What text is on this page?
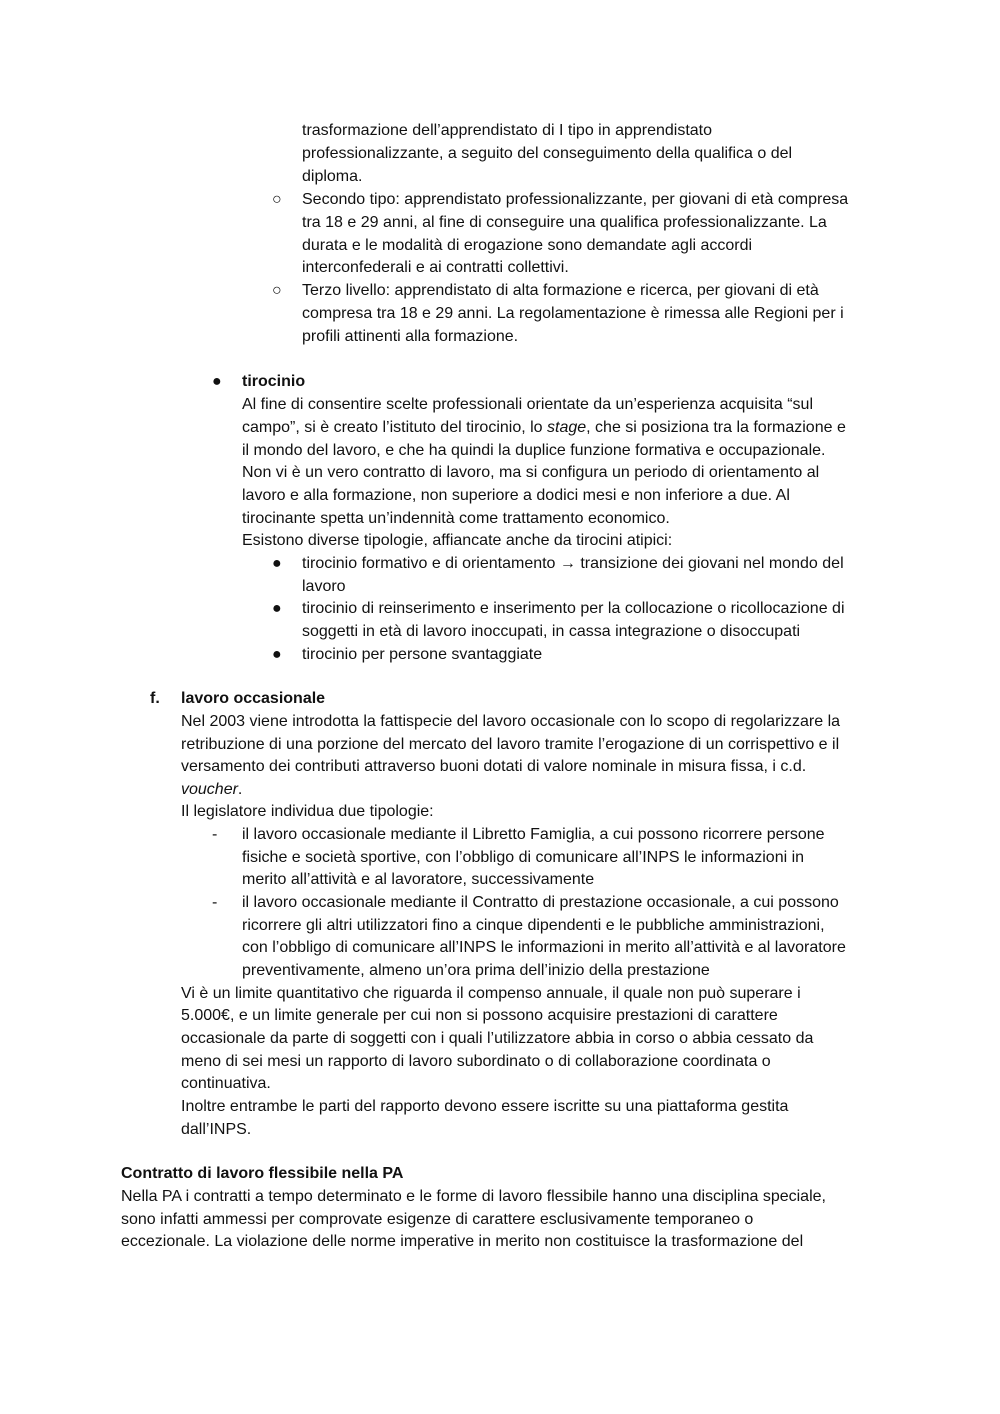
trasformazione dell’apprendistato di I tipo in apprendistato
professionalizzante, a seguito del conseguimento della qualifica o del
diploma.
○ Secondo tipo: apprendistato professionalizzante, per giovani di età compresa
tra 18 e 29 anni, al fine di conseguire una qualifica professionalizzante. La
durata e le modalità di erogazione sono demandate agli accordi
interconfederali e ai contratti collettivi.
○ Terzo livello: apprendistato di alta formazione e ricerca, per giovani di età
compresa tra 18 e 29 anni. La regolamentazione è rimessa alle Regioni per i
profili attinenti alla formazione.
● tirocinio
Al fine di consentire scelte professionali orientate da un’esperienza acquisita “sul
campo”, si è creato l’istituto del tirocinio, lo stage, che si posiziona tra la formazione e
il mondo del lavoro, e che ha quindi la duplice funzione formativa e occupazionale.
Non vi è un vero contratto di lavoro, ma si configura un periodo di orientamento al
lavoro e alla formazione, non superiore a dodici mesi e non inferiore a due. Al
tirocinante spetta un’indennità come trattamento economico.
Esistono diverse tipologie, affiancate anche da tirocini atipici:
● tirocinio formativo e di orientamento → transizione dei giovani nel mondo del
lavoro
● tirocinio di reinserimento e inserimento per la collocazione o ricollocazione di
soggetti in età di lavoro inoccupati, in cassa integrazione o disoccupati
● tirocinio per persone svantaggiate
f. lavoro occasionale
Nel 2003 viene introdotta la fattispecie del lavoro occasionale con lo scopo di regolarizzare la
retribuzione di una porzione del mercato del lavoro tramite l’erogazione di un corrispettivo e il
versamento dei contributi attraverso buoni dotati di valore nominale in misura fissa, i c.d.
voucher.
Il legislatore individua due tipologie:
- il lavoro occasionale mediante il Libretto Famiglia, a cui possono ricorrere persone
fisiche e società sportive, con l’obbligo di comunicare all’INPS le informazioni in
merito all’attività e al lavoratore, successivamente
- il lavoro occasionale mediante il Contratto di prestazione occasionale, a cui possono
ricorrere gli altri utilizzatori fino a cinque dipendenti e le pubbliche amministrazioni,
con l’obbligo di comunicare all’INPS le informazioni in merito all’attività e al lavoratore
preventivamente, almeno un’ora prima dell’inizio della prestazione
Vi è un limite quantitativo che riguarda il compenso annuale, il quale non può superare i
5.000€, e un limite generale per cui non si possono acquisire prestazioni di carattere
occasionale da parte di soggetti con i quali l’utilizzatore abbia in corso o abbia cessato da
meno di sei mesi un rapporto di lavoro subordinato o di collaborazione coordinata o
continuativa.
Inoltre entrambe le parti del rapporto devono essere iscritte su una piattaforma gestita
dall’INPS.
Contratto di lavoro flessibile nella PA
Nella PA i contratti a tempo determinato e le forme di lavoro flessibile hanno una disciplina speciale,
sono infatti ammessi per comprovate esigenze di carattere esclusivamente temporaneo o
eccezionale. La violazione delle norme imperative in merito non costituisce la trasformazione del
